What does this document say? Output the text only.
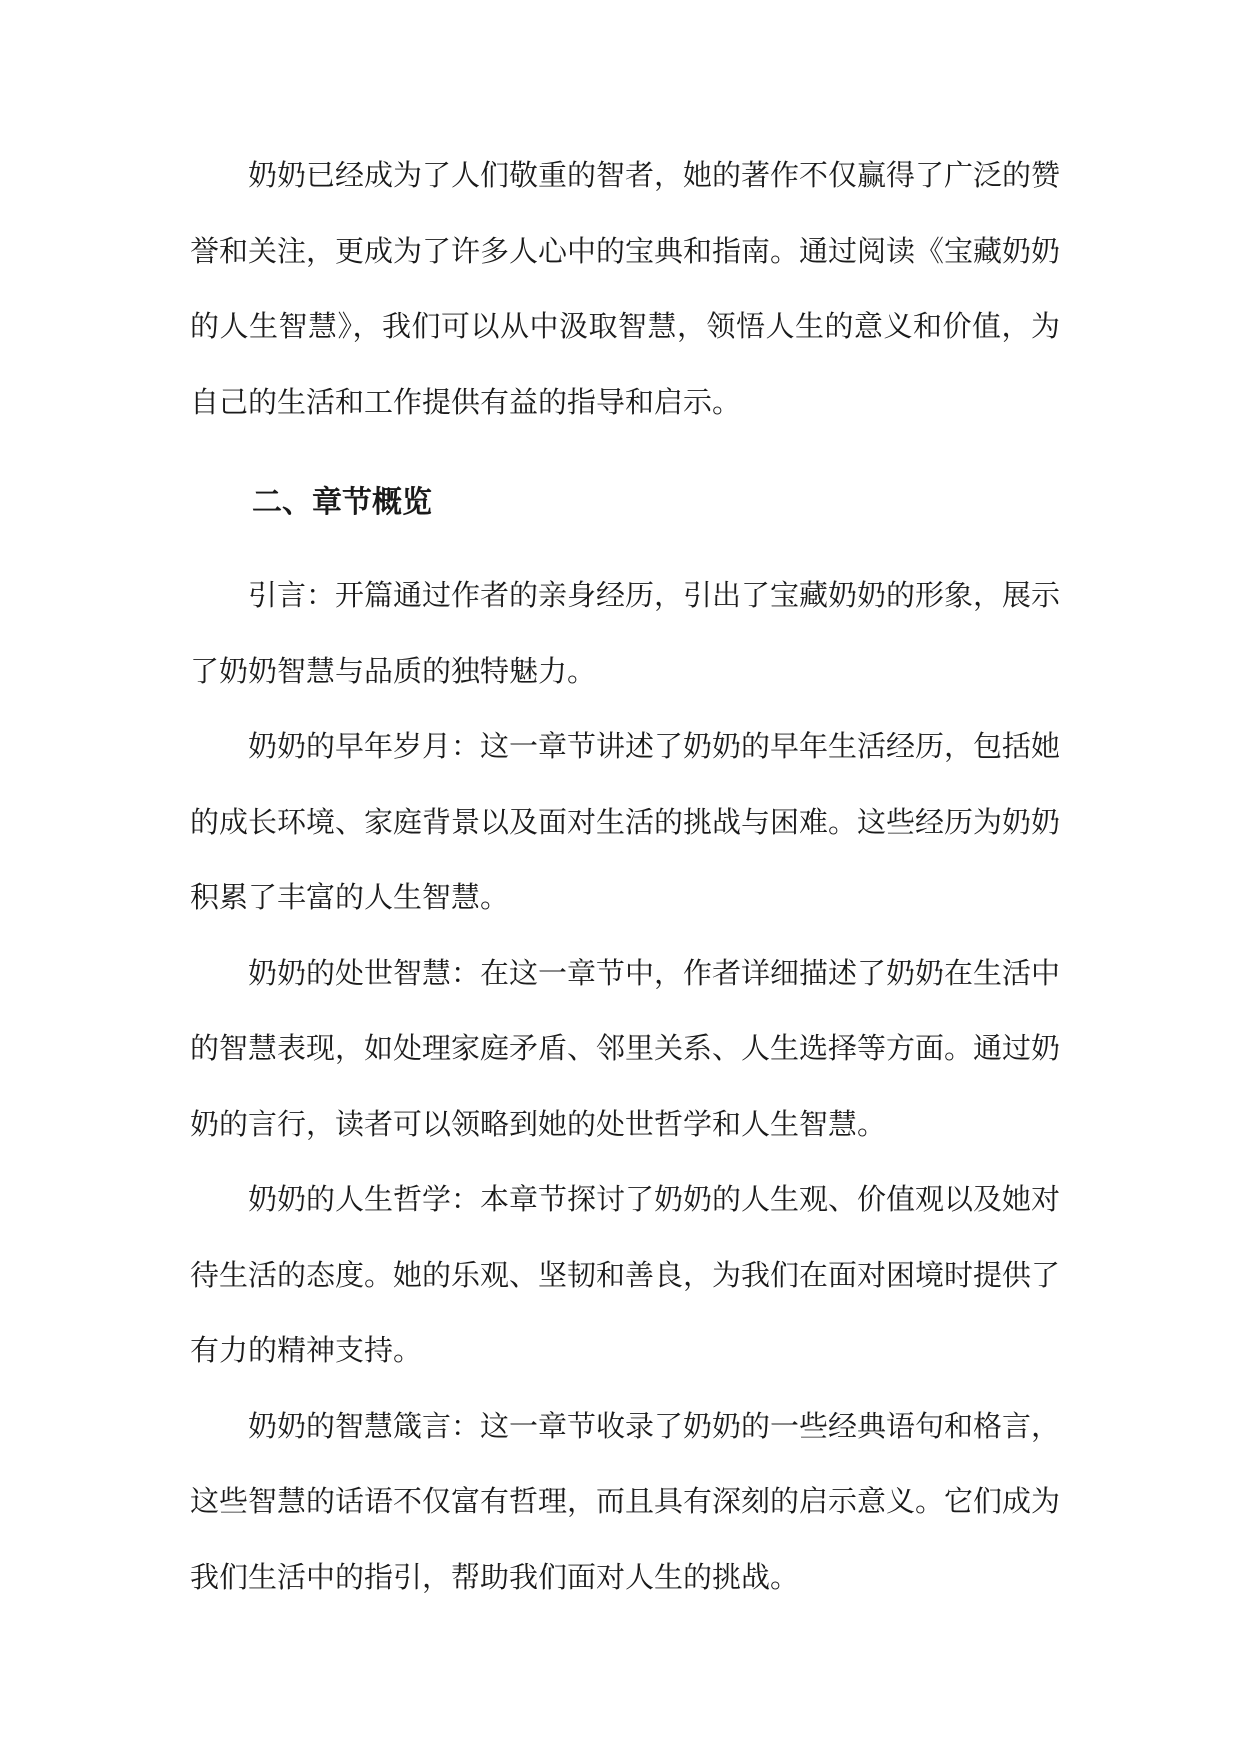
奶奶已经成为了人们敬重的智者，她的著作不仅赢得了广泛的赞誉和关注，更成为了许多人心中的宝典和指南。通过阅读《宝藏奶奶的人生智慧》，我们可以从中汲取智慧，领悟人生的意义和价值，为自己的生活和工作提供有益的指导和启示。

二、章节概览

引言：开篇通过作者的亲身经历，引出了宝藏奶奶的形象，展示了奶奶智慧与品质的独特魅力。

奶奶的早年岁月：这一章节讲述了奶奶的早年生活经历，包括她的成长环境、家庭背景以及面对生活的挑战与困难。这些经历为奶奶积累了丰富的人生智慧。

奶奶的处世智慧：在这一章节中，作者详细描述了奶奶在生活中的智慧表现，如处理家庭矛盾、邻里关系、人生选择等方面。通过奶奶的言行，读者可以领略到她的处世哲学和人生智慧。

奶奶的人生哲学：本章节探讨了奶奶的人生观、价值观以及她对待生活的态度。她的乐观、坚韧和善良，为我们在面对困境时提供了有力的精神支持。

奶奶的智慧箴言：这一章节收录了奶奶的一些经典语句和格言，这些智慧的话语不仅富有哲理，而且具有深刻的启示意义。它们成为我们生活中的指引，帮助我们面对人生的挑战。
